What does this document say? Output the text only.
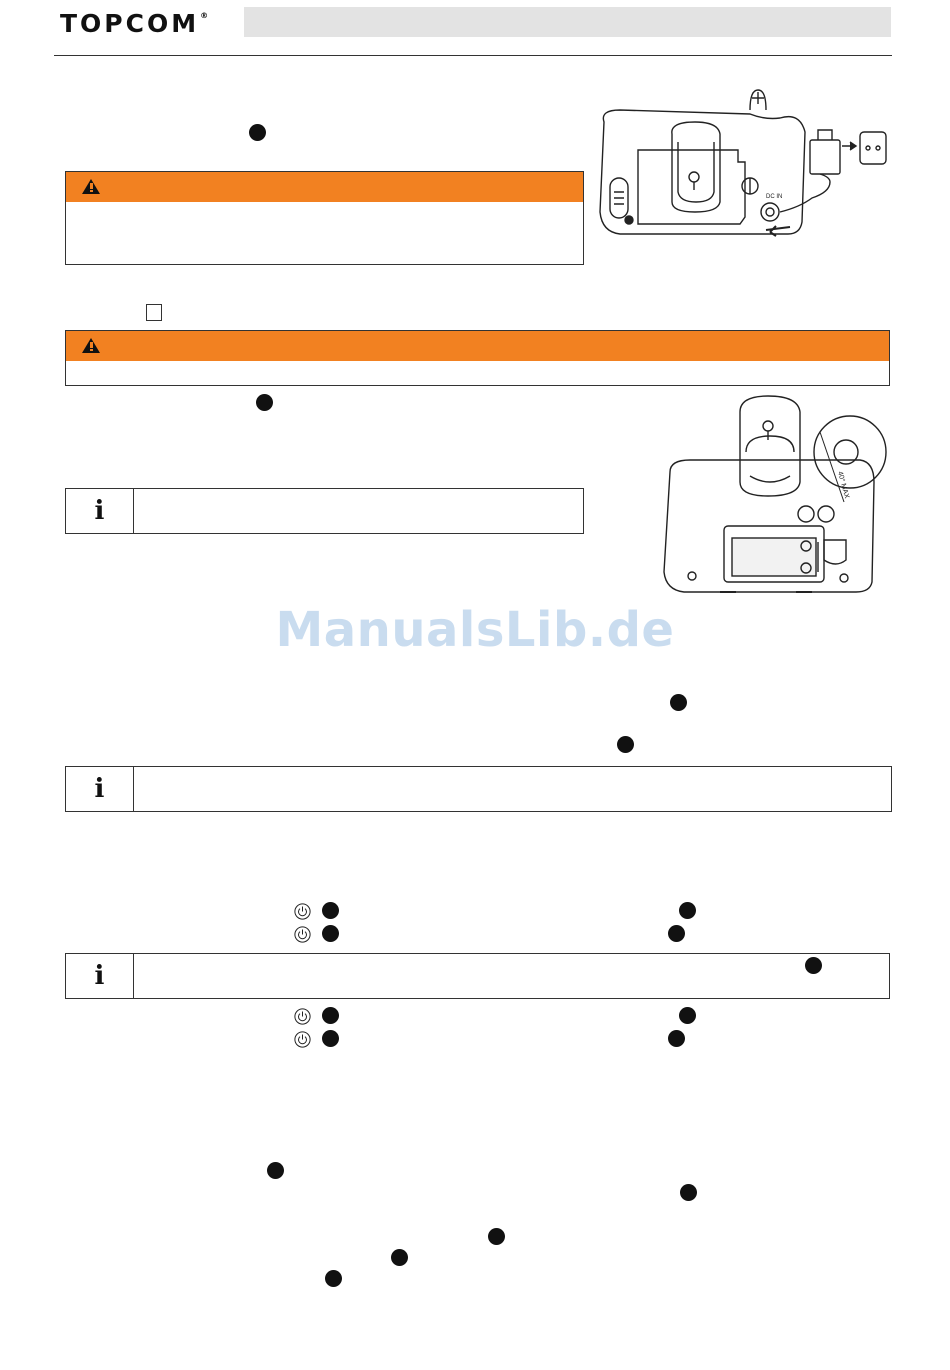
TOPCOM®
DC IN
i
40° MAX
ManualsLib.de
i
i
